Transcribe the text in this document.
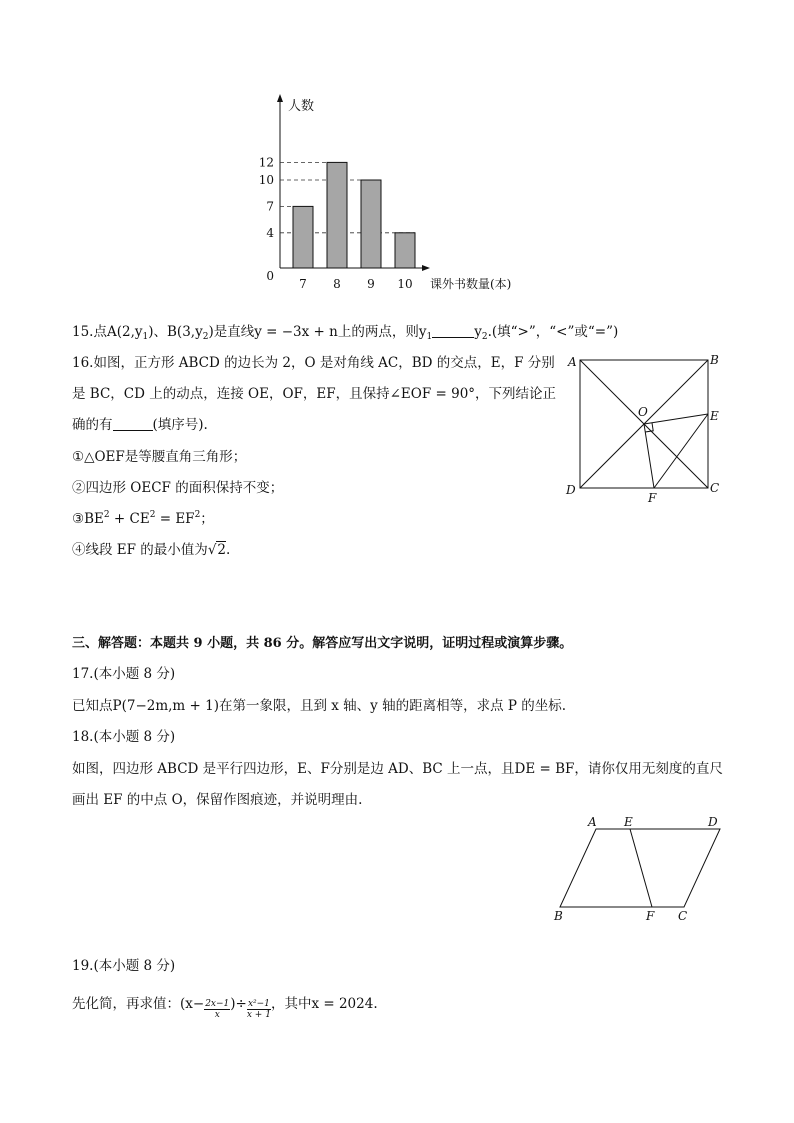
0
4
7
10
12
7 8 9 10
人数
课外书数量(本)
15.点$A(2,y_1)$、$B(3,y_2)$是直线y = −3x + n上的两点，则$y_1$	$y_2$.(填“>”，“<”或“=”)
16.如图，正方形 ABCD 的边长为 2，O 是对角线 AC，BD 的交点，E，F 分别
是 BC，CD 上的动点，连接 OE，OF，EF，且保持∠EOF = 90°，下列结论正
确的有	(填序号).
①△OEF是等腰直角三角形；
②四边形 OECF 的面积保持不变；
$③BE^2 + CE^2 = EF^2$；
④线段 EF 的最小值为√2.
A	B
C
D
O	E
F
三、解答题：本题共 9 小题，共 86 分。解答应写出文字说明，证明过程或演算步骤。
17.(本小题 8 分)
已知点P(7−2m,m + 1)在第一象限，且到 x 轴、y 轴的距离相等，求点 P 的坐标.
18.(本小题 8 分)
如图，四边形 ABCD 是平行四边形，E、F分别是边 AD、BC 上一点，且DE = BF，请你仅用无刻度的直尺
画出 EF 的中点 O，保留作图痕迹，并说明理由.
A E	D
B	F C
19.(本小题 8 分)
先化简，再求值：($x- \frac{2x-1}{x}$ )÷ $\frac{\text{x²−1}}{x + 1}$ ，其中x = 2024.
